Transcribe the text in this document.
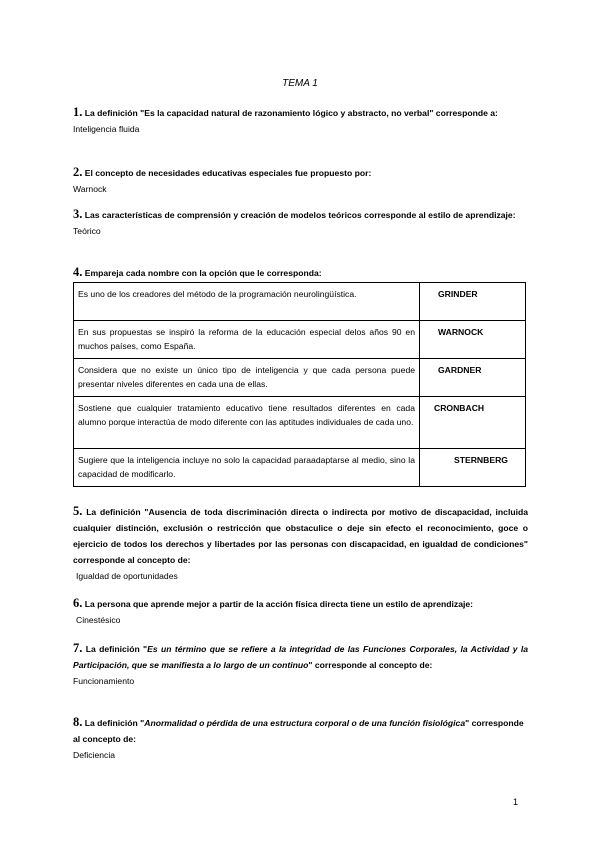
TEMA 1
1. La definición "Es la capacidad natural de razonamiento lógico y abstracto, no verbal" corresponde a:
Inteligencia fluida
2. El concepto de necesidades educativas especiales fue propuesto por:
Warnock
3. Las características de comprensión y creación de modelos teóricos corresponde al estilo de aprendizaje:
Teórico
4. Empareja cada nombre con la opción que le corresponda:
Es uno de los creadores del método de la programación neurolingüística.	GRINDER
En sus propuestas se inspiró la reforma de la educación especial delos años 90 en muchos países, como España.	WARNOCK
Considera que no existe un único tipo de inteligencia y que cada persona puede presentar niveles diferentes en cada una de ellas.	GARDNER
Sostiene que cualquier tratamiento educativo tiene resultados diferentes en cada alumno porque interactúa de modo diferente con las aptitudes individuales de cada uno.	CRONBACH
Sugiere que la inteligencia incluye no solo la capacidad paraadaptarse al medio, sino la capacidad de modificarlo.	STERNBERG
5. La definición "Ausencia de toda discriminación directa o indirecta por motivo de discapacidad, incluida cualquier distinción, exclusión o restricción que obstaculice o deje sin efecto el reconocimiento, goce o ejercicio de todos los derechos y libertades por las personas con discapacidad, en igualdad de condiciones" corresponde al concepto de:
Igualdad de oportunidades
6. La persona que aprende mejor a partir de la acción física directa tiene un estilo de aprendizaje:
Cinestésico
7. La definición "Es un término que se refiere a la integridad de las Funciones Corporales, la Actividad y la Participación, que se manifiesta a lo largo de un continuo" corresponde al concepto de:
Funcionamiento
8. La definición "Anormalidad o pérdida de una estructura corporal o de una función fisiológica" corresponde al concepto de:
Deficiencia
1
